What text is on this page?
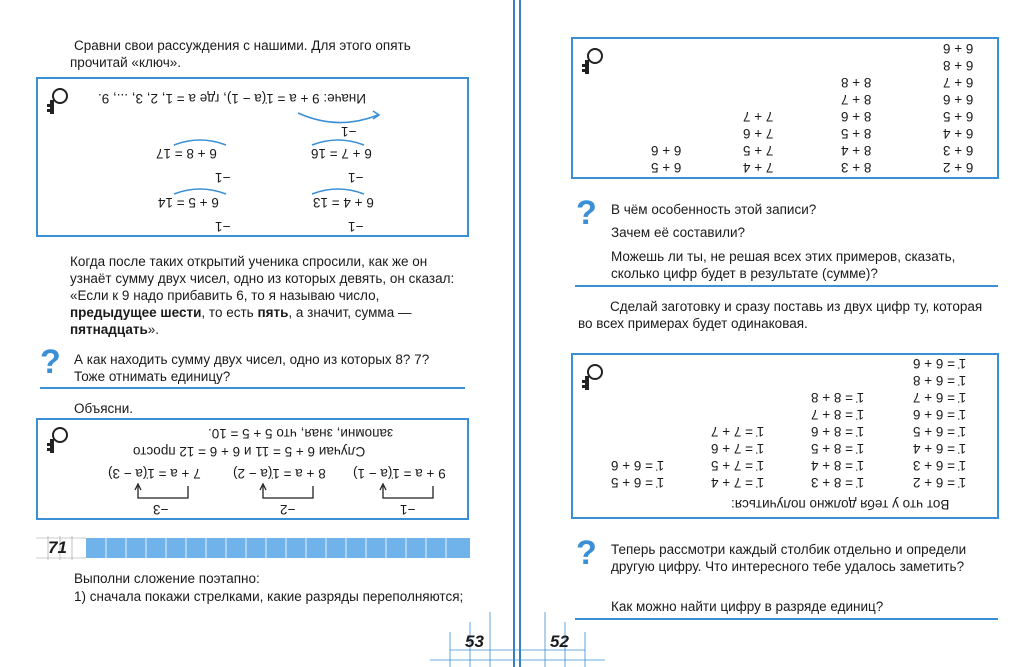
Сравни свои рассуждения с нашими. Для этого опять прочитай «ключ».
Иначе: 9 + а = 1̇(а − 1), где а = 1, 2, 3, ..., 9.
−1
6 + 7 = 16
6 + 8 = 17
−1
−1
6 + 4 = 13
6 + 5 = 14
−1
−1
Когда после таких открытий ученика спросили, как же он узнаёт сумму двух чисел, одно из которых девять, он сказал: «Если к 9 надо прибавить 6, то я называю число, предыдущее шести, то есть пять, а значит, сумма — пятнадцать».
? А как находить сумму двух чисел, одно из которых 8? 7? Тоже отнимать единицу?
Объясни.
запомни, зная, что 5 + 5 = 10.
Случаи 6 + 5 = 11 и 6 + 6 = 12 просто
9 + а = 1̇(а − 1)
8 + а = 1̇(а − 2)
7 + а = 1̇(а − 3)
−1
−2
−3
71
Выполни сложение поэтапно:
1) сначала покажи стрелками, какие разряды переполняются;
53
6 + 6
6 + 8
6 + 7
6 + 6
6 + 5
6 + 4
6 + 3
6 + 2
8 + 8
8 + 7
8 + 6
8 + 5
8 + 4
8 + 3
7 + 7
7 + 6
7 + 5
7 + 4
6 + 6
6 + 5
? В чём особенность этой записи?
Зачем её составили?
Можешь ли ты, не решая всех этих примеров, сказать, сколько цифр будет в результате (сумме)?
Сделай заготовку и сразу поставь из двух цифр ту, которая во всех примерах будет одинаковая.
1̇ = 6 + 6
1̇ = 6 + 8
1̇ = 6 + 7
1̇ = 6 + 6
1̇ = 6 + 5
1̇ = 6 + 4
1̇ = 6 + 3
1̇ = 6 + 2
1̇ = 8 + 8
1̇ = 8 + 7
1̇ = 8 + 6
1̇ = 8 + 5
1̇ = 8 + 4
1̇ = 8 + 3
1̇ = 7 + 7
1̇ = 7 + 6
1̇ = 7 + 5
1̇ = 7 + 4
1̇ = 6 + 6
1̇ = 6 + 5
Вот что у тебя должно получиться:
? Теперь рассмотри каждый столбик отдельно и определи другую цифру. Что интересного тебе удалось заметить?
Как можно найти цифру в разряде единиц?
52
